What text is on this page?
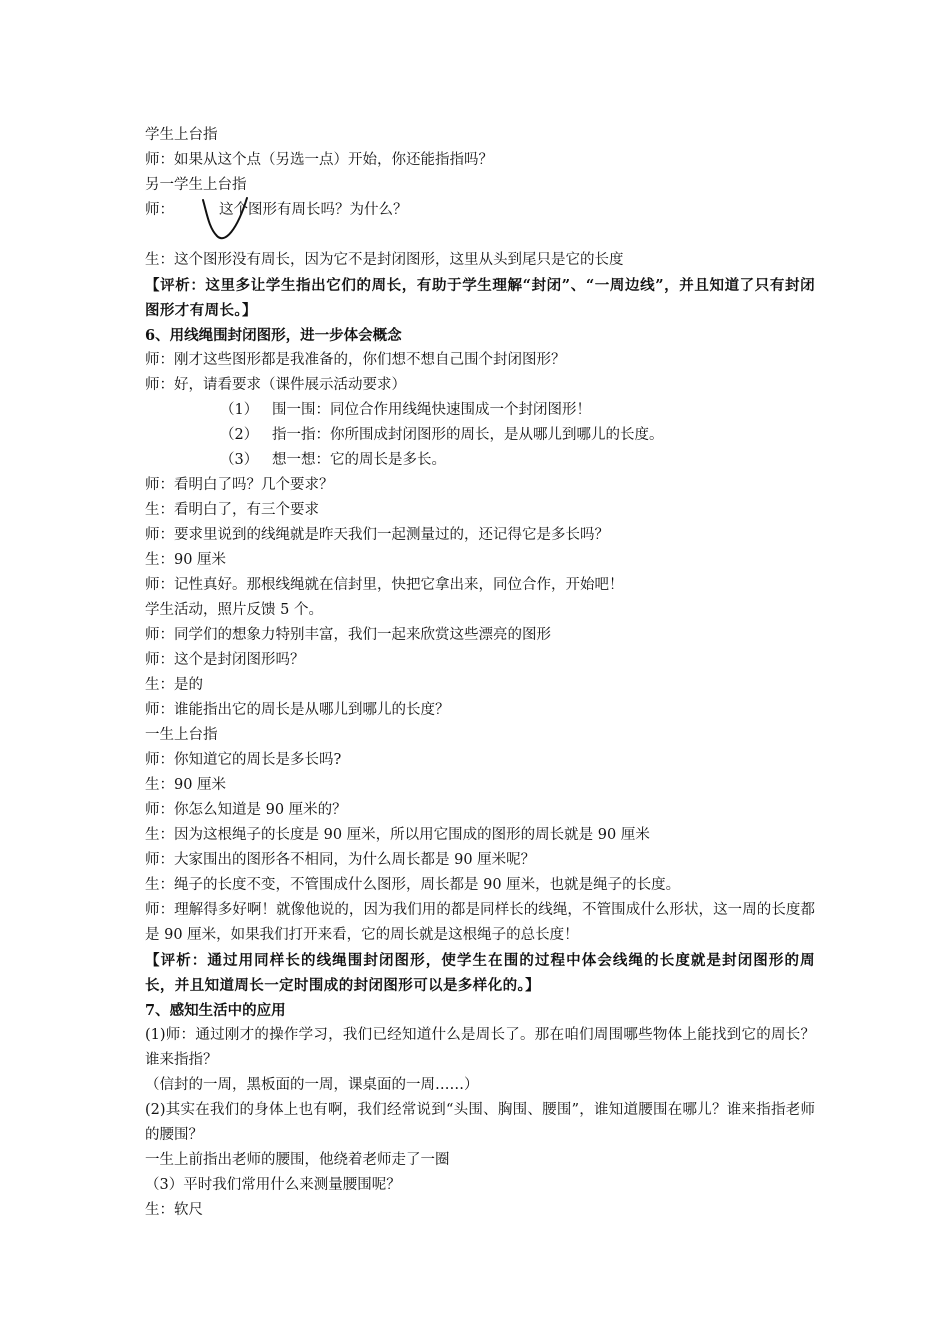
学生上台指
师：如果从这个点（另选一点）开始，你还能指指吗？
另一学生上台指
师：	这个图形有周长吗？为什么？
生：这个图形没有周长，因为它不是封闭图形，这里从头到尾只是它的长度
【评析：这里多让学生指出它们的周长，有助于学生理解“封闭”、“一周边线”，并且知道了只有封闭图形才有周长。】
6、用线绳围封闭图形，进一步体会概念
师：刚才这些图形都是我准备的，你们想不想自己围个封闭图形？
师：好，请看要求（课件展示活动要求）
（1） 围一围：同位合作用线绳快速围成一个封闭图形！
（2） 指一指：你所围成封闭图形的周长，是从哪儿到哪儿的长度。
（3） 想一想：它的周长是多长。
师：看明白了吗？几个要求？
生：看明白了，有三个要求
师：要求里说到的线绳就是昨天我们一起测量过的，还记得它是多长吗？
生：90 厘米
师：记性真好。那根线绳就在信封里，快把它拿出来，同位合作，开始吧！
学生活动，照片反馈 5 个。
师：同学们的想象力特别丰富，我们一起来欣赏这些漂亮的图形
师：这个是封闭图形吗？
生：是的
师：谁能指出它的周长是从哪儿到哪儿的长度？
一生上台指
师：你知道它的周长是多长吗?
生：90 厘米
师：你怎么知道是 90 厘米的？
生：因为这根绳子的长度是 90 厘米，所以用它围成的图形的周长就是 90 厘米
师：大家围出的图形各不相同，为什么周长都是 90 厘米呢？
生：绳子的长度不变，不管围成什么图形，周长都是 90 厘米，也就是绳子的长度。
师：理解得多好啊！就像他说的，因为我们用的都是同样长的线绳，不管围成什么形状，这一周的长度都是 90 厘米，如果我们打开来看，它的周长就是这根绳子的总长度！
【评析：通过用同样长的线绳围封闭图形，使学生在围的过程中体会线绳的长度就是封闭图形的周长，并且知道周长一定时围成的封闭图形可以是多样化的。】
7、感知生活中的应用
(1)师：通过刚才的操作学习，我们已经知道什么是周长了。那在咱们周围哪些物体上能找到它的周长？谁来指指？
（信封的一周，黑板面的一周，课桌面的一周……）
(2)其实在我们的身体上也有啊，我们经常说到“头围、胸围、腰围”，谁知道腰围在哪儿？谁来指指老师的腰围？
一生上前指出老师的腰围，他绕着老师走了一圈
（3）平时我们常用什么来测量腰围呢？
生：软尺
